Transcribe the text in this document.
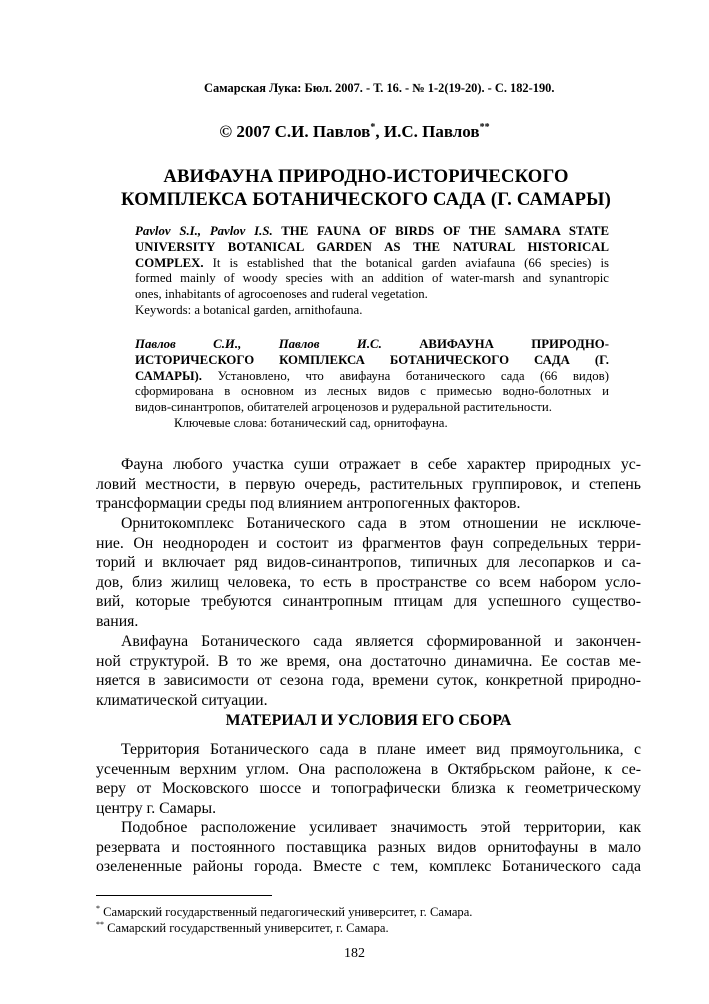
Самарская Лука: Бюл. 2007. - Т. 16. - № 1-2(19-20). - С. 182-190.
© 2007 С.И. Павлов*, И.С. Павлов**
АВИФАУНА ПРИРОДНО-ИСТОРИЧЕСКОГО
КОМПЛЕКСА БОТАНИЧЕСКОГО САДА (Г. САМАРЫ)
Pavlov S.I., Pavlov I.S. THE FAUNA OF BIRDS OF THE SAMARA STATE
UNIVERSITY BOTANICAL GARDEN AS THE NATURAL HISTORICAL
COMPLEX. It is established that the botanical garden aviafauna (66 species) is
formed mainly of woody species with an addition of water-marsh and synantropic
ones, inhabitants of agrocoenoses and ruderal vegetation.
Keywords: a botanical garden, arnithofauna.
Павлов С.И., Павлов И.С. АВИФАУНА ПРИРОДНО-
ИСТОРИЧЕСКОГО КОМПЛЕКСА БОТАНИЧЕСКОГО САДА (Г.
САМАРЫ). Установлено, что авифауна ботанического сада (66 видов)
сформирована в основном из лесных видов с примесью водно-болотных и
видов-синантропов, обитателей агроценозов и рудеральной растительности.
Ключевые слова: ботанический сад, орнитофауна.
Фауна любого участка суши отражает в себе характер природных ус-
ловий местности, в первую очередь, растительных группировок, и степень
трансформации среды под влиянием антропогенных факторов.
Орнитокомплекс Ботанического сада в этом отношении не исключе-
ние. Он неоднороден и состоит из фрагментов фаун сопредельных терри-
торий и включает ряд видов-синантропов, типичных для лесопарков и са-
дов, близ жилищ человека, то есть в пространстве со всем набором усло-
вий, которые требуются синантропным птицам для успешного существо-
вания.
Авифауна Ботанического сада является сформированной и закончен-
ной структурой. В то же время, она достаточно динамична. Ее состав ме-
няется в зависимости от сезона года, времени суток, конкретной природно-
климатической ситуации.
МАТЕРИАЛ И УСЛОВИЯ ЕГО СБОРА
Территория Ботанического сада в плане имеет вид прямоугольника, с
усеченным верхним углом. Она расположена в Октябрьском районе, к се-
веру от Московского шоссе и топографически близка к геометрическому
центру г. Самары.
Подобное расположение усиливает значимость этой территории, как
резервата и постоянного поставщика разных видов орнитофауны в мало
озелененные районы города. Вместе с тем, комплекс Ботанического сада
* Самарский государственный педагогический университет, г. Самара.
** Самарский государственный университет, г. Самара.
182
